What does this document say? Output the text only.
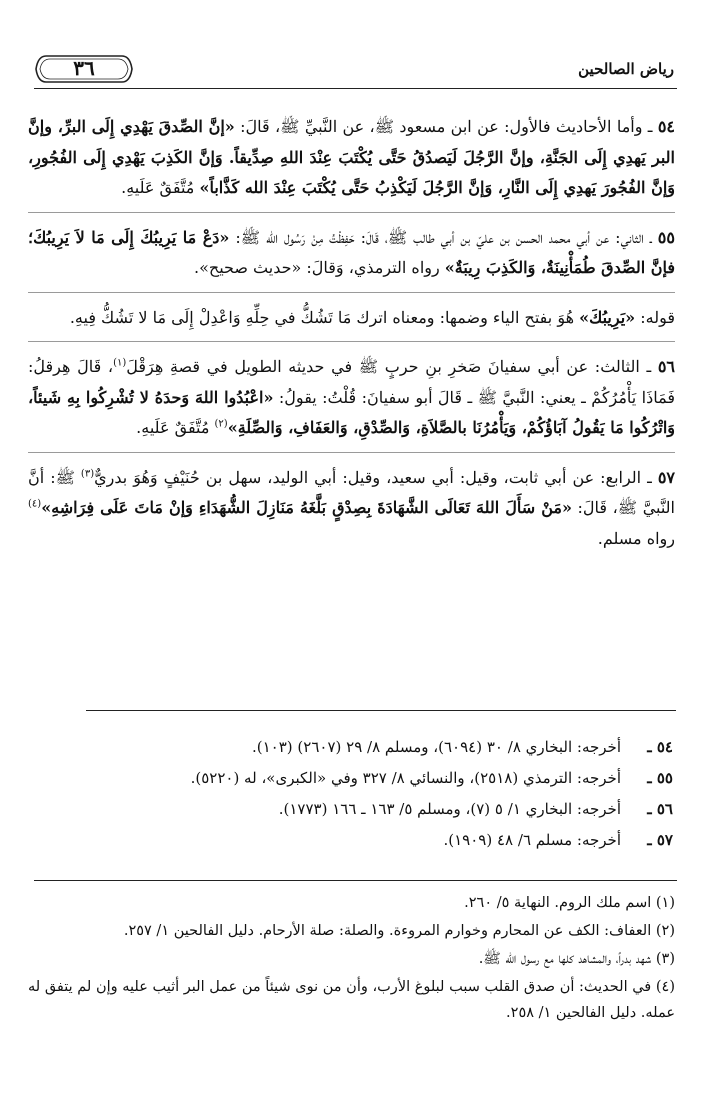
رياض الصالحين
٣٦

٥٤ ـ وأما الأحاديث فالأول: عن ابن مسعود ﷺ، عن النَّبيِّ ﷺ، قَالَ: «إنَّ الصِّدقَ يَهْدِي إِلَى البرِّ، وإنَّ البر يَهدِي إِلَى الجَنَّةِ، وإنَّ الرَّجُلَ لَيَصدُقُ حَتَّى يُكْتَبَ عِنْدَ اللهِ صِدِّيقاً. وَإنَّ الكَذِبَ يَهْدِي إِلَى الفُجُورِ، وَإنَّ الفُجُورَ يَهدِي إِلَى النَّارِ، وَإنَّ الرَّجُلَ لَيَكْذِبُ حَتَّى يُكْتَبَ عِنْدَ الله كَذَّاباً» مُتَّفَقٌ عَلَيهِ.

٥٥ ـ الثاني: عن أبي محمد الحسن بن عليّ بن أبي طالب ﷺ، قَالَ: حَفِظْتُ مِنْ رَسُول الله ﷺ: «دَعْ مَا يَرِيبُكَ إِلَى مَا لاَ يَرِيبُكَ؛ فإنَّ الصِّدقَ طُمَأْنِينَةٌ، وَالكَذِبَ رِيبَةٌ» رواه الترمذي، وَقالَ: «حديث صحيح».

قوله: «يَرِيبُكَ» هُوَ بفتح الياء وضمها: ومعناه اترك مَا تَشُكُّ في حِلِّهِ وَاعْدِلْ إِلَى مَا لا تَشُكُّ فِيهِ.

٥٦ ـ الثالث: عن أبي سفيانَ صَخرِ بنِ حربٍ ﷺ في حديثه الطويل في قصةِ هِرَقْلَ$^{(١)}$، قَالَ هِرقلُ: فَمَاذَا يَأْمُرُكُمْ ـ يعني: النَّبيَّ ﷺ ـ قَالَ أبو سفيانَ: قُلْتُ: يقولُ: «اعْبُدُوا اللهَ وَحدَهُ لا تُشْرِكُوا بِهِ شَيئاً، وَاتْرُكُوا مَا يَقُولُ آبَاؤُكُمْ، وَيَأْمُرُنَا بالصَّلاَةِ، وَالصِّدْقِ، وَالعَفَافِ، وَالصِّلَةِ»$^{(٢)}$ مُتَّفَقٌ عَلَيهِ.

٥٧ ـ الرابع: عن أبي ثابت، وقيل: أبي سعيد، وقيل: أبي الوليد، سهل بن حُنَيْفٍ وَهُوَ بدريٌّ$^{(٣)}$ ﷺ: أنَّ النَّبيَّ ﷺ، قَالَ: «مَنْ سَأَلَ اللهَ تَعَالَى الشَّهَادَةَ بِصِدْقٍ بَلَّغَهُ مَنَازِلَ الشُّهَدَاءِ وَإنْ مَاتَ عَلَى فِرَاشِهِ»$^{(٤)}$ رواه مسلم.

٥٤ ـ
أخرجه: البخاري ٨/ ٣٠ (٦٠٩٤)، ومسلم ٨/ ٢٩ (٢٦٠٧) (١٠٣).
٥٥ ـ
أخرجه: الترمذي (٢٥١٨)، والنسائي ٨/ ٣٢٧ وفي «الكبرى»، له (٥٢٢٠).
٥٦ ـ
أخرجه: البخاري ١/ ٥ (٧)، ومسلم ٥/ ١٦٣ ـ ١٦٦ (١٧٧٣).
٥٧ ـ
أخرجه: مسلم ٦/ ٤٨ (١٩٠٩).

(١) اسم ملك الروم. النهاية ٥/ ٢٦٠.

(٢) العفاف: الكف عن المحارم وخوارم المروءة. والصلة: صلة الأرحام. دليل الفالحين ١/ ٢٥٧.

(٣) شهد بدراً، والمشاهد كلها مع رسول الله ﷺ.

(٤) في الحديث: أن صدق القلب سبب لبلوغ الأرب، وأن من نوى شيئاً من عمل البر أثيب عليه وإن لم يتفق له عمله. دليل الفالحين ١/ ٢٥٨.
